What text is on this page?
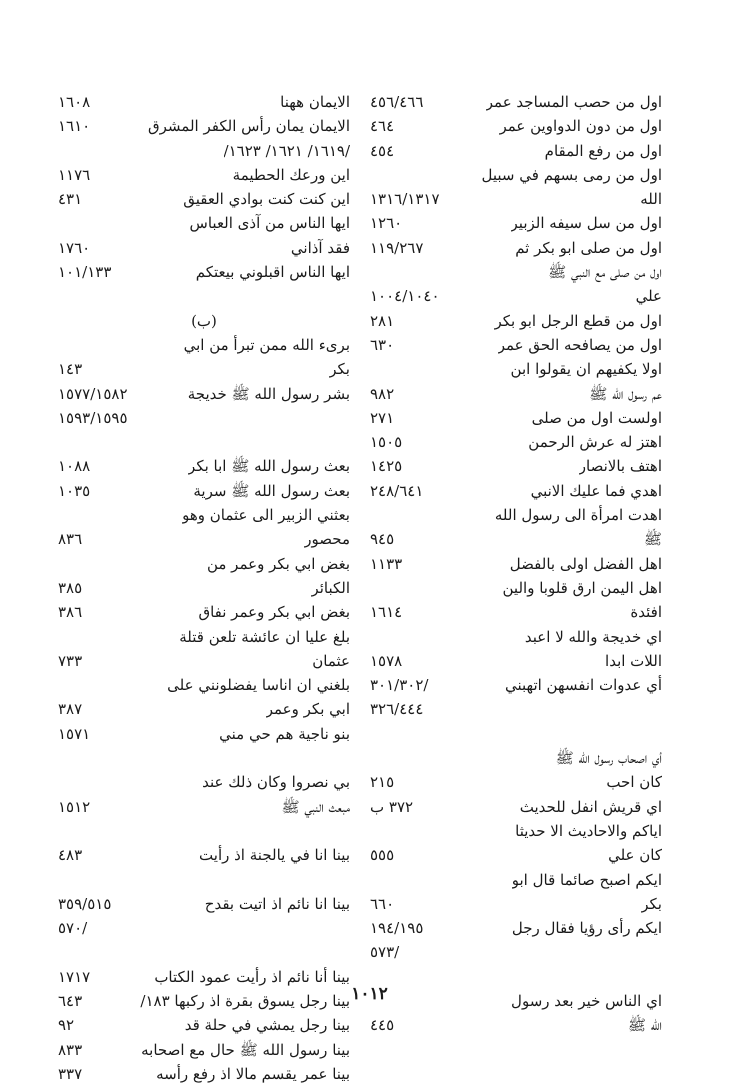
اول من حصب المساجد عمر
٤٥٦/٤٦٦
اول من دون الدواوين عمر
٤٦٤
اول من رفع المقام
٤٥٤
اول من رمى بسهم في سبيل
الله
١٣١٦/١٣١٧
اول من سل سيفه الزبير
١٢٦٠
اول من صلى ابو بكر ثم
١١٩/٢٦٧
اول من صلى مع النبي ﷺ
علي
١٠٠٤/١٠٤٠
اول من قطع الرجل ابو بكر
٢٨١
اول من يصافحه الحق عمر
٦٣٠
اولا يكفيهم ان يقولوا ابن
عم رسول الله ﷺ
٩٨٢
اولست اول من صلى
٢٧١
اهتز له عرش الرحمن
١٥٠٥
اهتف بالانصار
١٤٢٥
اهدي فما عليك الانبي
٢٤٨/٦٤١
اهدت امرأة الى رسول الله
ﷺ
٩٤٥
اهل الفضل اولى بالفضل
١١٣٣
اهل اليمن ارق قلوبا والين
افئدة
١٦١٤
اي خديجة والله لا اعبد
اللات ابدا
١٥٧٨
أي عدوات انفسهن اتهبني
٣٠١/٣٠٢/
٣٢٦/٤٤٤
أي اصحاب رسول الله ﷺ
كان احب
٢١٥
اي قريش انفل للحديث
٣٧٢ ب
اياكم والاحاديث الا حديثا
كان علي
٥٥٥
ايكم اصبح صائما قال ابو
بكر
٦٦٠
ايكم رأى رؤيا فقال رجل
١٩٤/١٩٥
٥٧٣/
اي الناس خير بعد رسول
الله ﷺ
٤٤٥
الايمان ههنا
١٦٠٨
الايمان يمان رأس الكفر المشرق
١٦١٠
/١٦١٩/ ١٦٢١/ ١٦٢٣/
اين ورعك الحطيمة
١١٧٦
اين كنت كنت بوادي العقيق
٤٣١
ايها الناس من آذى العباس
فقد آذاني
١٧٦٠
ايها الناس اقبلوني بيعتكم
١٠١/١٣٣
(ب)
برىء الله ممن تبرأ من ابي
بكر
١٤٣
بشر رسول الله ﷺ خديجة
١٥٧٧/١٥٨٢
١٥٩٣/١٥٩٥
بعث رسول الله ﷺ ابا بكر
١٠٨٨
بعث رسول الله ﷺ سرية
١٠٣٥
بعثني الزبير الى عثمان وهو
محصور
٨٣٦
بغض ابي بكر وعمر من
الكبائر
٣٨٥
بغض ابي بكر وعمر نفاق
٣٨٦
بلغ عليا ان عائشة تلعن قتلة
عثمان
٧٣٣
بلغني ان اناسا يفضلونني على
ابي بكر وعمر
٣٨٧
بنو ناجية هم حي مني
١٥٧١
بي نصروا وكان ذلك عند
مبعث النبي ﷺ
١٥١٢
بينا انا في يالجنة اذ رأيت
٤٨٣
بينا انا نائم اذ اتيت بقدح
٣٥٩/٥١٥
٥٧٠/
بينا أنا نائم اذ رأيت عمود الكتاب
١٧١٧
بينا رجل يسوق بقرة اذ ركبها ١٨٣/
٦٤٣
بينا رجل يمشي في حلة قد
٩٢
بينا رسول الله ﷺ حال مع اصحابه
٨٣٣
بينا عمر يقسم مالا اذ رفع رأسه
٣٣٧
١٠١٢
